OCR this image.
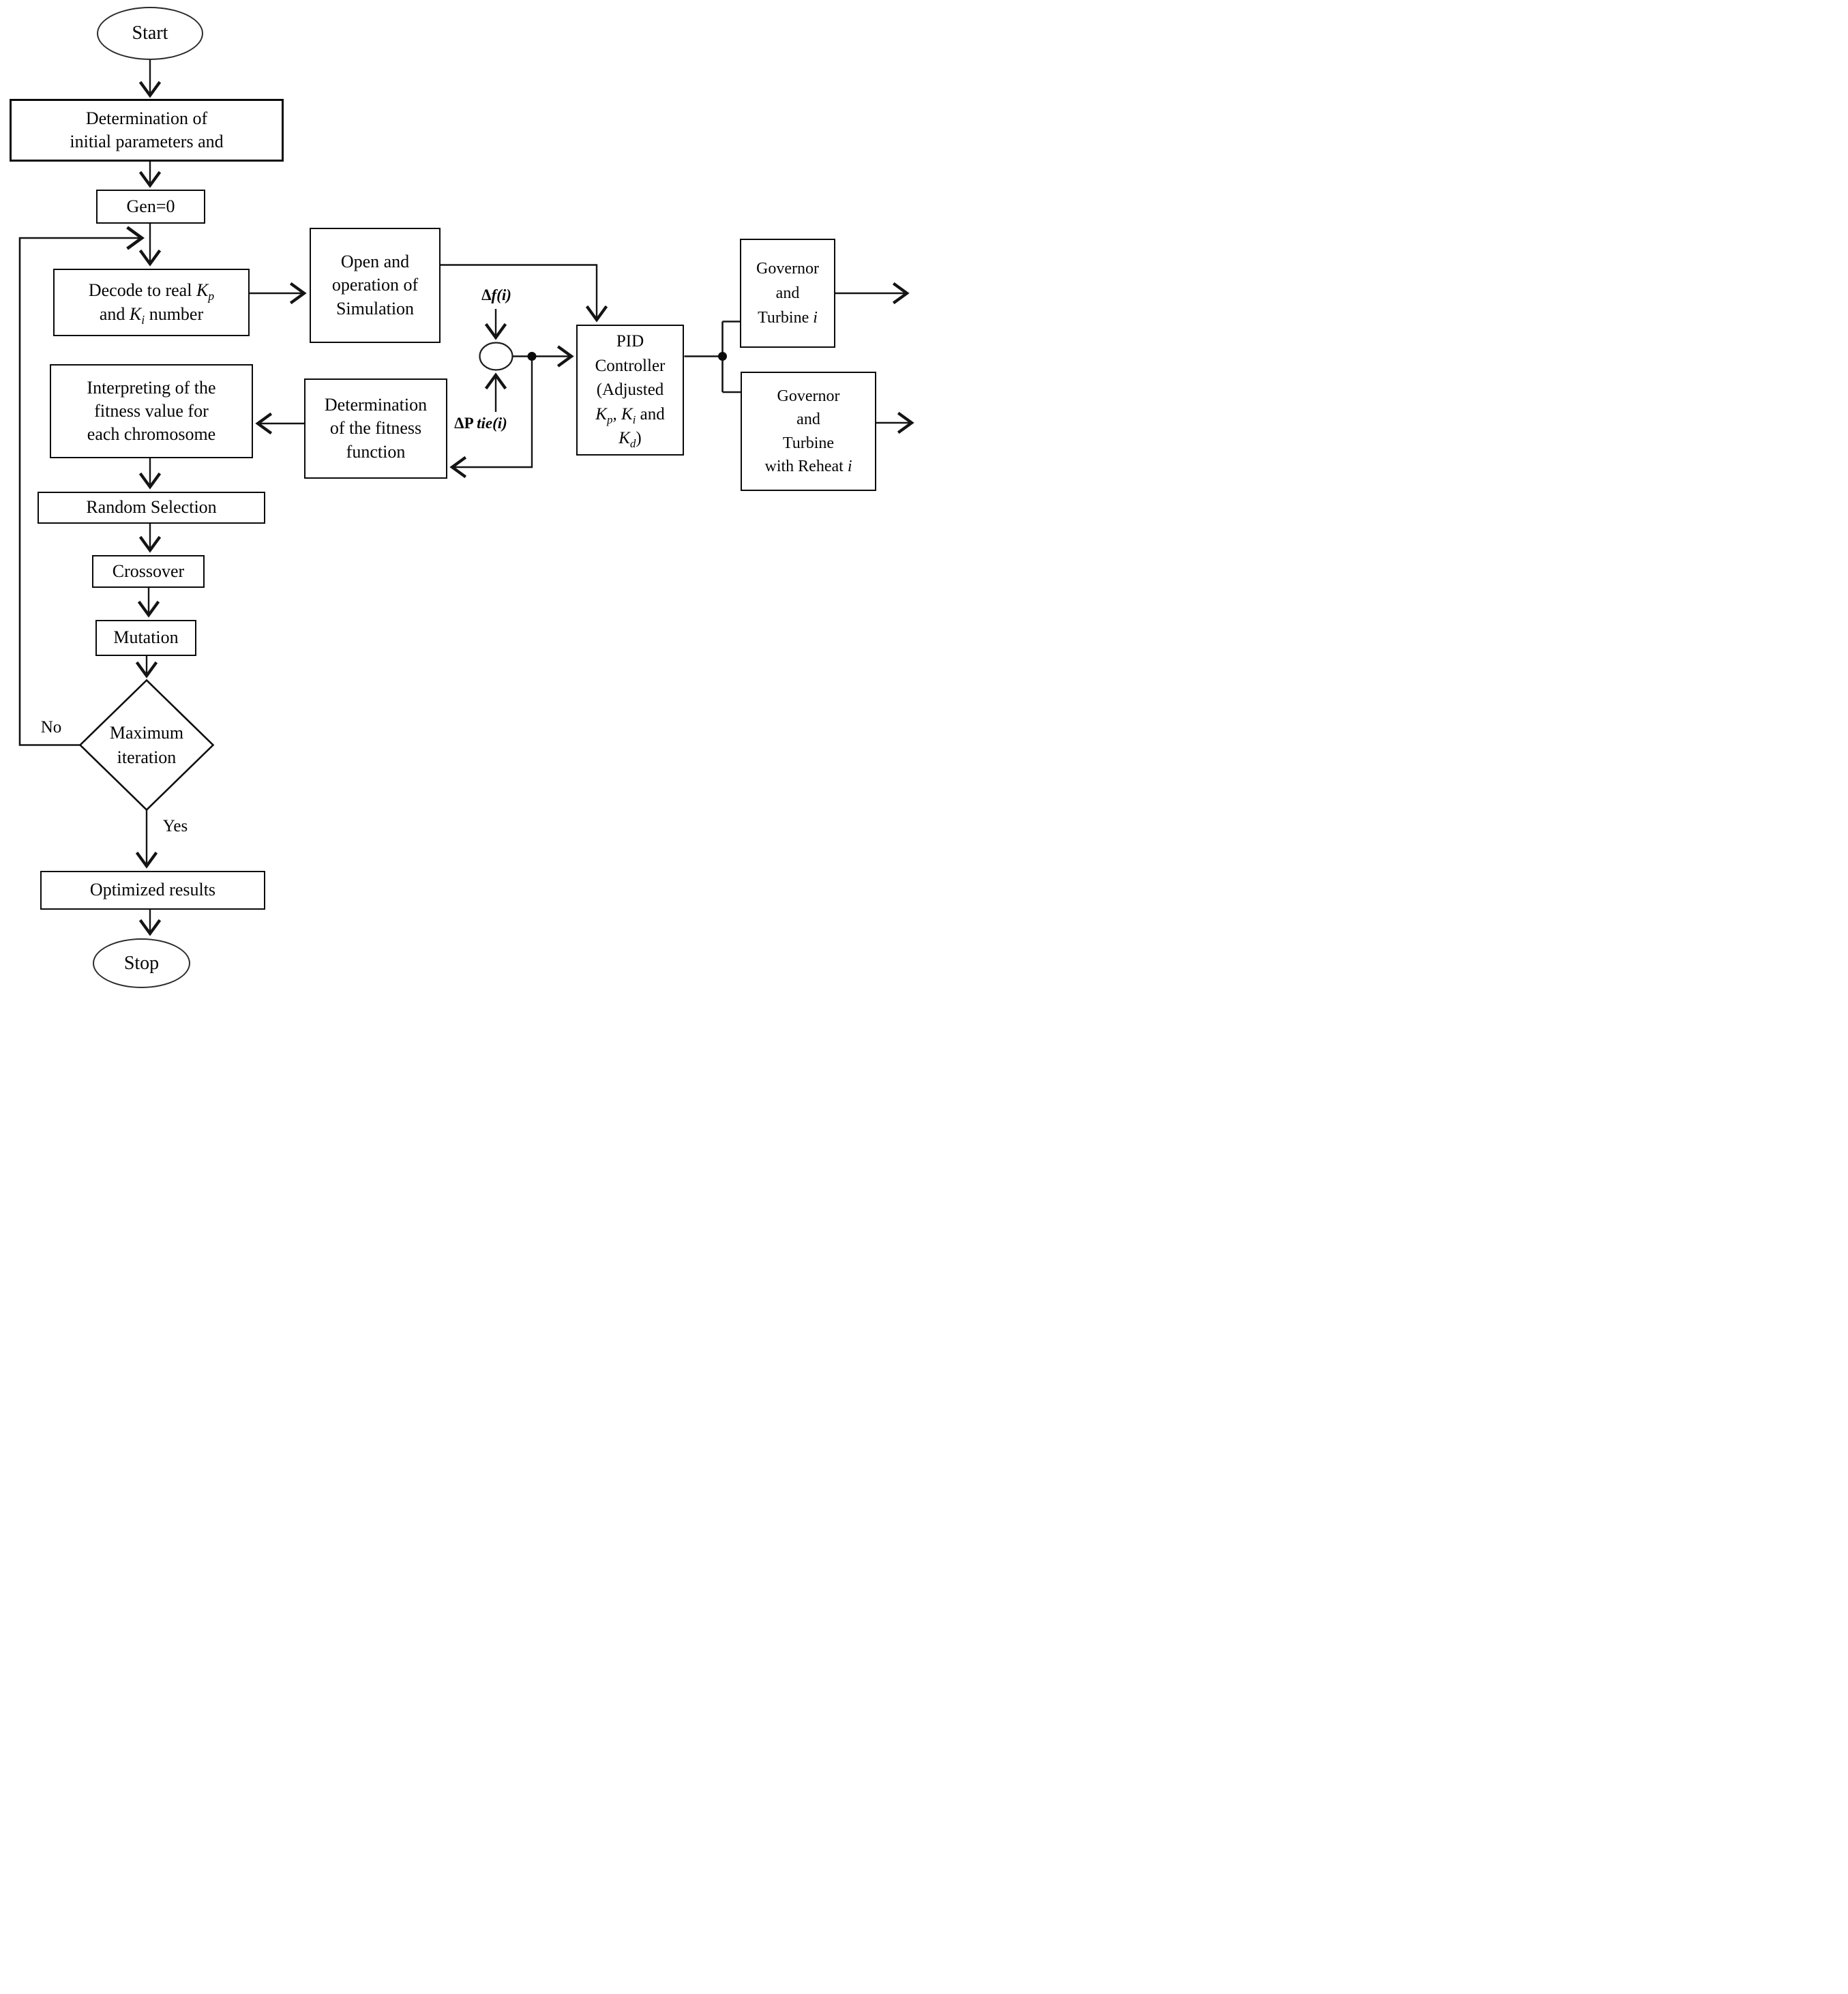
Start
Stop
Determination of
initial parameters and
Gen=0
Decode to real $K_p$
and $K_i$ number
Open and
operation of
Simulation
Interpreting of the
fitness value for
each chromosome
Determination
of the fitness
function
Random Selection
Crossover
Mutation
Maximum
iteration
Optimized results
PID
Controller
(Adjusted
$K_p$, $K_i$ and
$K_d$)
Governor
and
Turbine i
Governor
and
Turbine
with Reheat i
No
Yes
Δf(i)
ΔP tie(i)
